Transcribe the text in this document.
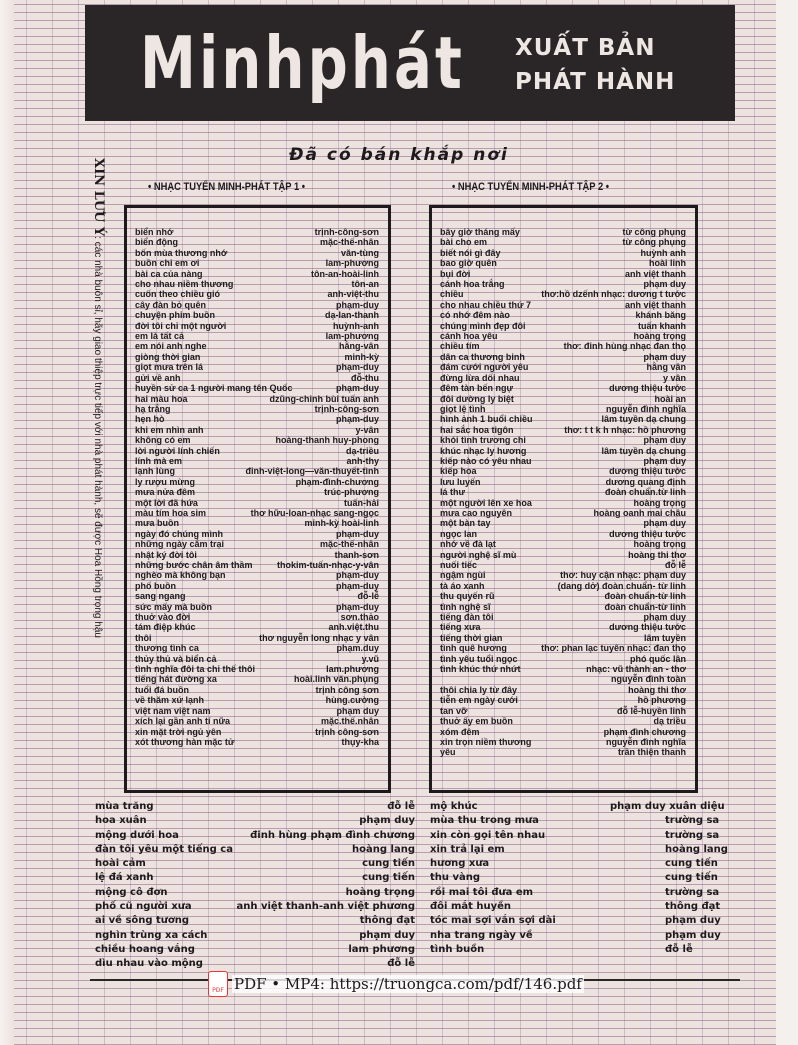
Minhphát XUẤT BẢN
PHÁT HÀNH
Đã có bán khắp nơi
XIN LƯU Ý: các nhà buôn sỉ, hãy giao thiệp trực tiếp với nhà phát hành, sẽ được Hoa Hồng trọng hậu
• NHẠC TUYỂN MINH-PHÁT TẬP 1 •	• NHẠC TUYỂN MINH-PHÁT TẬP 2 •
biển nhớ	trịnh-công-sơn
biển động	mặc-thế-nhân
bốn mùa thương nhớ	văn-tùng
buồn chi em ơi	lam-phương
bài ca của nàng	tôn-an-hoài-linh
cho nhau niềm thương	tôn-an
cuốn theo chiều gió	anh-việt-thu
cây đàn bỏ quên	phạm-duy
chuyện phim buồn	dạ-lan-thanh
đời tôi chỉ một người	huỳnh-anh
em là tất cả	lam-phương
em nói anh nghe	hằng-vân
giòng thời gian	minh-kỳ
giọt mưa trên lá	phạm-duy
gửi về anh	đỗ-thu
huyền sử ca 1 người mang tên Quốc	phạm-duy
hai màu hoa	dzũng-chinh bùi tuấn anh
hạ trắng	trịnh-công-sơn
hẹn hò	phạm-duy
khi em nhìn anh	y-vân
không có em	hoàng-thanh huy-phong
lời người lính chiến	dạ-triều
lính mà em	anh-thy
lạnh lùng	đinh-việt-long—văn-thuyết-tình
ly rượu mừng	phạm-đình-chương
mưa nửa đêm	trúc-phương
một lời đã hứa	tuấn-hải
màu tím hoa sim	thơ hữu-loan-nhạc sang-ngọc
mưa buồn	minh-kỳ hoài-linh
ngày đó chúng mình	phạm-duy
những ngày cắm trại	mặc-thế-nhân
nhật ký đời tôi	thanh-sơn
những bước chân âm thầm	thokim-tuấn-nhạc-y-vân
nghèo mà không bạn	phạm-duy
phố buồn	phạm-duy
sang ngang	đỗ-lễ
sức mấy mà buồn	phạm-duy
thuở vào đời	sơn.thảo
tám điệp khúc	anh.việt.thu
thôi	thơ nguyễn long nhạc y vân
thương tình ca	phạm.duy
thủy thủ và biển cả	y.vũ
tình nghĩa đôi ta chỉ thế thôi	lam.phương
tiếng hát đường xa	hoài.linh văn.phụng
tuổi đá buồn	trịnh công sơn
về thăm xứ lạnh	hùng.cường
việt nam việt nam	phạm duy
xích lại gần anh tí nữa	mặc.thế.nhân
xin mặt trời ngủ yên	trịnh công-sơn
xót thương hàn mặc tử	thụy-kha
bây giờ tháng mấy	từ công phụng
bài cho em	từ công phụng
biết nói gì đây	huỳnh anh
bao giờ quên	hoài linh
bụi đời	anh việt thanh
cánh hoa trắng	phạm duy
chiều	thơ:hồ dzếnh nhạc: dương t tước
cho nhau chiều thứ 7	anh việt thanh
có nhớ đêm nào	khánh băng
chúng mình đẹp đôi	tuấn khanh
cánh hoa yêu	hoàng trọng
chiều tím	thơ: đinh hùng nhạc đan thọ
dân ca thương binh	phạm duy
đám cưới người yêu	hằng vân
đừng lừa dối nhau	y vân
đêm tàn bến ngự	dương thiệu tước
đôi dường ly biệt	hoài an
giọt lệ tình	nguyễn đình nghĩa
hình ảnh 1 buổi chiều	lâm tuyền dạ chung
hai sắc hoa tigôn	thơ: t t k h nhạc: hồ phương
khói tình trương chi	phạm duy
khúc nhạc ly hương	lâm tuyền dạ chung
kiếp nào có yêu nhau	phạm duy
kiếp hoa	dương thiệu tước
lưu luyến	dương quang định
lá thư	đoàn chuẩn.từ linh
một người lên xe hoa	hoàng trọng
mưa cao nguyên	hoàng oanh mai châu
một bàn tay	phạm duy
ngọc lan	dương thiệu tước
nhớ về đà lạt	hoàng trọng
người nghệ sĩ mù	hoàng thi thơ
nuối tiếc	đỗ lễ
ngậm ngùi	thơ: huy cận nhạc: phạm duy
tà áo xanh	(dang dở) đoàn chuẩn- từ linh
thu quyến rũ	đoàn chuẩn-từ linh
tình nghệ sĩ	đoàn chuẩn-từ linh
tiếng đàn tôi	phạm duy
tiếng xưa	dương thiệu tước
tiếng thời gian	lâm tuyền
tình quê hương	thơ: phan lạc tuyên nhạc: đan thọ
tình yêu tuổi ngọc	phó quốc lân
tình khúc thứ nhứt	nhạc: vũ thành an - thơ
nguyễn đình toàn
thôi chia ly từ đây	hoàng thi thơ
tiễn em ngày cưới	hồ phương
tan vỡ	đỗ lễ-huyền linh
thuở ấy em buồn	dạ triều
xóm đêm	phạm đình chương
xin trọn niềm thương	nguyễn đình nghĩa
yêu	trần thiện thanh
mùa trăng	đỗ lễ
hoa xuân	phạm duy
mộng dưới hoa	đinh hùng phạm đình chương
đàn tôi yêu một tiếng ca	hoàng lang
hoài cảm	cung tiến
lệ đá xanh	cung tiến
mộng cô đơn	hoàng trọng
phố cũ người xưa	anh việt thanh-anh việt phương
ai về sông tương	thông đạt
nghìn trùng xa cách	phạm duy
chiều hoang vắng	lam phương
dìu nhau vào mộng	đỗ lễ
mộ khúc	phạm duy xuân diệu
mùa thu trong mưa	trường sa
xin còn gọi tên nhau	trường sa
xin trả lại em	hoàng lang
hương xưa	cung tiến
thu vàng	cung tiến
rồi mai tôi đưa em	trường sa
đôi mắt huyền	thông đạt
tóc mai sợi vắn sợi dài	phạm duy
nha trang ngày về	phạm duy
tình buồn	đỗ lễ
PDF PDF • MP4: https://truongca.com/pdf/146.pdf
